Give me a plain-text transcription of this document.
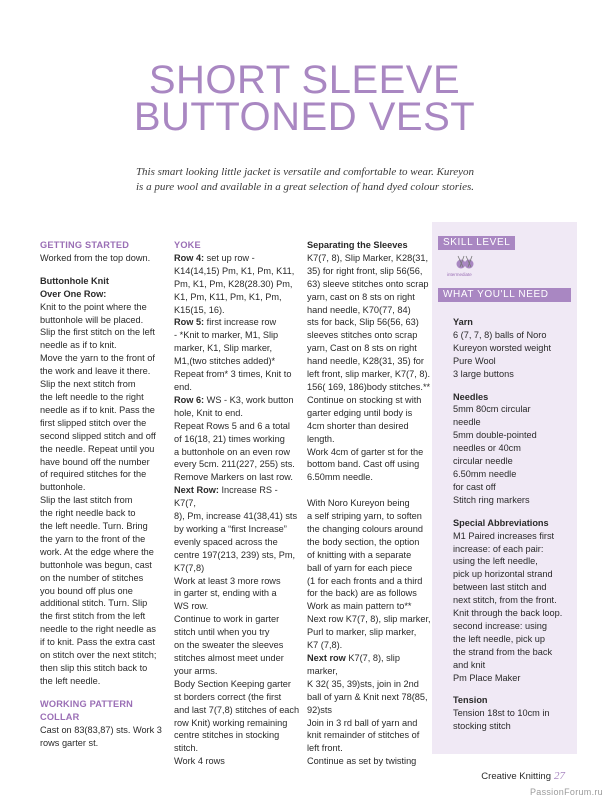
SHORT SLEEVE
BUTTONED VEST
This smart looking little jacket is versatile and comfortable to wear. Kureyon
is a pure wool and available in a great selection of hand dyed colour stories.
GETTING STARTED
Worked from the top down.
Buttonhole Knit
Over One Row:
Knit to the point where the
buttonhole will be placed.
Slip the first stitch on the left
needle as if to knit.
Move the yarn to the front of
the work and leave it there.
Slip the next stitch from
the left needle to the right
needle as if to knit. Pass the
first slipped stitch over the
second slipped stitch and off
the needle. Repeat until you
have bound off the number
of required stitches for the
buttonhole.
Slip the last stitch from
the right needle back to
the left needle. Turn. Bring
the yarn to the front of the
work. At the edge where the
buttonhole was begun, cast
on the number of stitches
you bound off plus one
additional stitch. Turn. Slip
the first stitch from the left
needle to the right needle as
if to knit. Pass the extra cast
on stitch over the next stitch;
then slip this stitch back to
the left needle.
WORKING PATTERN
COLLAR
Cast on 83(83,87) sts. Work 3
rows garter st.
YOKE
Row 4: set up row -
K14(14,15) Pm, K1, Pm, K11,
Pm, K1, Pm, K28(28.30) Pm,
K1, Pm, K11, Pm, K1, Pm,
K15(15, 16).
Row 5: first increase row
- *Knit to marker, M1, Slip
marker, K1, Slip marker,
M1,(two stitches added)*
Repeat from* 3 times, Knit to
end.
Row 6: WS - K3, work button
hole, Knit to end.
Repeat Rows 5 and 6 a total
of 16(18, 21) times working
a buttonhole on an even row
every 5cm. 211(227, 255) sts.
Remove Markers on last row.
Next Row: Increase RS - K7(7,
8), Pm, increase 41(38,41) sts
by working a “first Increase”
evenly spaced across the
centre 197(213, 239) sts, Pm,
K7(7,8)
Work at least 3 more rows
in garter st, ending with a
WS row.
Continue to work in garter
stitch until when you try
on the sweater the sleeves
stitches almost meet under
your arms.
Body Section Keeping garter
st borders correct (the first
and last 7(7,8) stitches of each
row Knit) working remaining
centre stitches in stocking
stitch.
Work 4 rows
Separating the Sleeves
K7(7, 8), Slip Marker, K28(31,
35) for right front, slip 56(56,
63) sleeve stitches onto scrap
yarn, cast on 8 sts on right
hand needle, K70(77, 84)
sts for back, Slip 56(56, 63)
sleeves stitches onto scrap
yarn, Cast on 8 sts on right
hand needle, K28(31, 35) for
left front, slip marker, K7(7, 8).
156( 169, 186)body stitches.**
Continue on stocking st with
garter edging until body is
4cm shorter than desired
length.
Work 4cm of garter st for the
bottom band. Cast off using
6.50mm needle.
With Noro Kureyon being
a self striping yarn, to soften
the changing colours around
the body section, the option
of knitting with a separate
ball of yarn for each piece
(1 for each fronts and a third
for the back) are as follows
Work as main pattern to**
Next row K7(7, 8), slip marker,
Purl to marker, slip marker,
K7 (7,8).
Next row K7(7, 8), slip marker,
K 32( 35, 39)sts, join in 2nd
ball of yarn & Knit next 78(85,
92)sts
Join in 3 rd ball of yarn and
knit remainder of stitches of
left front.
Continue as set by twisting
SKILL LEVEL
intermediate
WHAT YOU'LL NEED
Yarn
6 (7, 7, 8) balls of Noro
Kureyon worsted weight
Pure Wool
3 large buttons
Needles
5mm 80cm circular
needle
5mm double-pointed
needles or 40cm
circular needle
6.50mm needle
for cast off
Stitch ring markers
Special Abbreviations
M1 Paired increases first
increase: of each pair:
using the left needle,
pick up horizontal strand
between last stitch and
next stitch, from the front.
Knit through the back loop.
second increase: using
the left needle, pick up
the strand from the back
and knit
Pm Place Maker
Tension
Tension 18st to 10cm in
stocking stitch
Creative Knitting 27
PassionForum.ru
